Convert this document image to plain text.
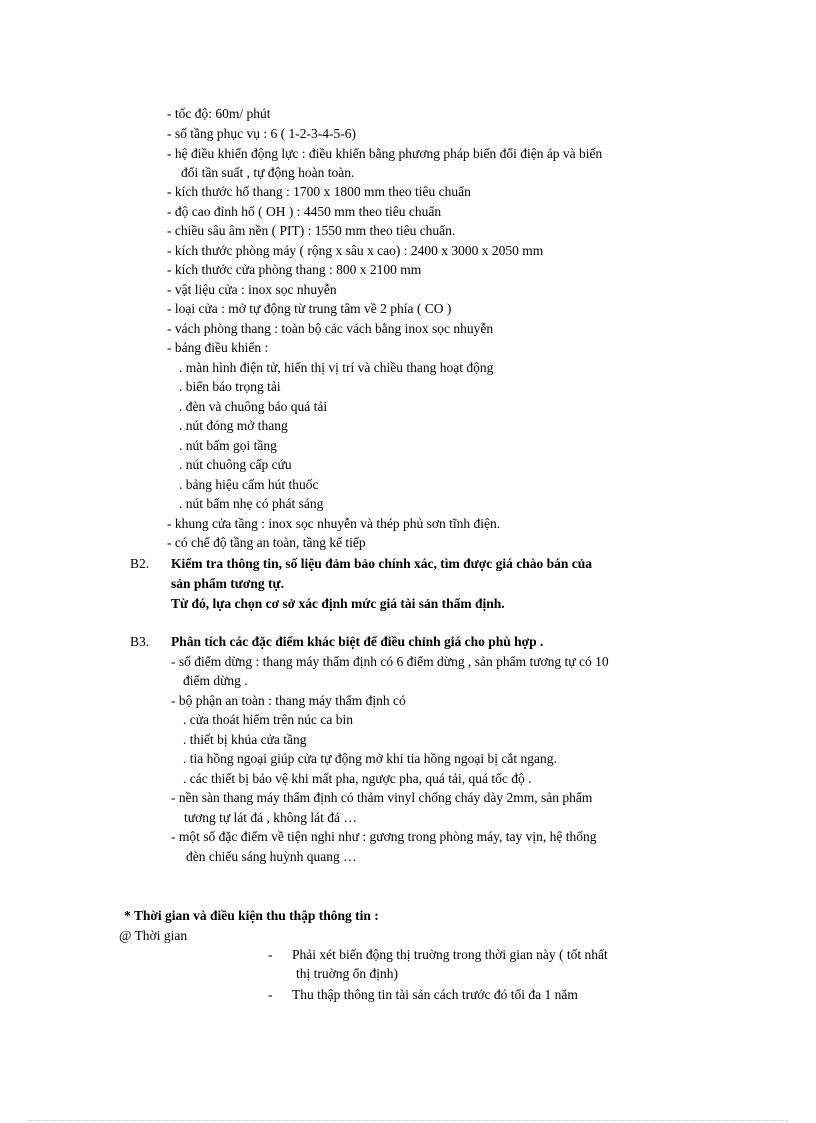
- tốc độ: 60m/ phút
- số tầng phục vụ : 6 ( 1-2-3-4-5-6)
- hệ điều khiển động lực : điều khiển bằng phương pháp biến đổi điện áp và biến
đổi tần suất , tự động hoàn toàn.
- kích thước hố thang : 1700 x 1800 mm theo tiêu chuẩn
- độ cao đỉnh hố ( OH ) : 4450 mm theo tiêu chuẩn
- chiều sâu âm nền ( PIT) : 1550 mm theo tiêu chuẩn.
- kích thước phòng máy ( rộng x sâu x cao) : 2400 x 3000 x 2050 mm
- kích thước cửa phòng thang : 800 x 2100 mm
- vật liệu cửa : inox sọc nhuyễn
- loại cửa : mở tự động từ trung tâm về 2 phía ( CO )
- vách phòng thang : toàn bộ các vách bằng inox sọc nhuyễn
- bảng điều khiển :
. màn hình điện tử, hiển thị vị trí và chiều thang hoạt động
. biển báo trọng tải
. đèn và chuông báo quá tải
. nút đóng mở thang
. nút bấm gọi tầng
. nút chuông cấp cứu
. bảng hiệu cấm hút thuốc
. nút bấm nhẹ có phát sáng
- khung cửa tầng : inox sọc nhuyễn và thép phủ sơn tĩnh điện.
- có chế độ tầng an toàn, tầng kế tiếp
B2. Kiểm tra thông tin, số liệu đảm bảo chính xác, tìm được giá chào bán của
sản phẩm tương tự.
Từ đó, lựa chọn cơ sở xác định mức giá tài sản thẩm định.
B3. Phân tích các đặc điểm khác biệt để điều chỉnh giá cho phù hợp .
- số điểm dừng : thang máy thẩm định có 6 điểm dừng , sản phẩm tương tự có 10
điểm dừng .
- bộ phận an toàn : thang máy thẩm định có
. cửa thoát hiểm trên núc ca bin
. thiết bị khúa cửa tầng
. tia hồng ngoại giúp cửa tự động mở khi tia hồng ngoại bị cắt ngang.
. các thiết bị bảo vệ khi mất pha, ngược pha, quá tải, quá tốc độ .
- nền sàn thang máy thẩm định có thảm vinyl chống cháy dày 2mm, sản phẩm
tương tự lát đá , không lát đá …
- một số đặc điểm về tiện nghi như : gương trong phòng máy, tay vịn, hệ thống
đèn chiếu sáng huỳnh quang …
* Thời gian và điều kiện thu thập thông tin :
@ Thời gian
- Phải xét biến động thị truờng trong thời gian này ( tốt nhất
thị truờng ổn định)
- Thu thập thông tin tài sản cách trước đó tối đa 1 năm
